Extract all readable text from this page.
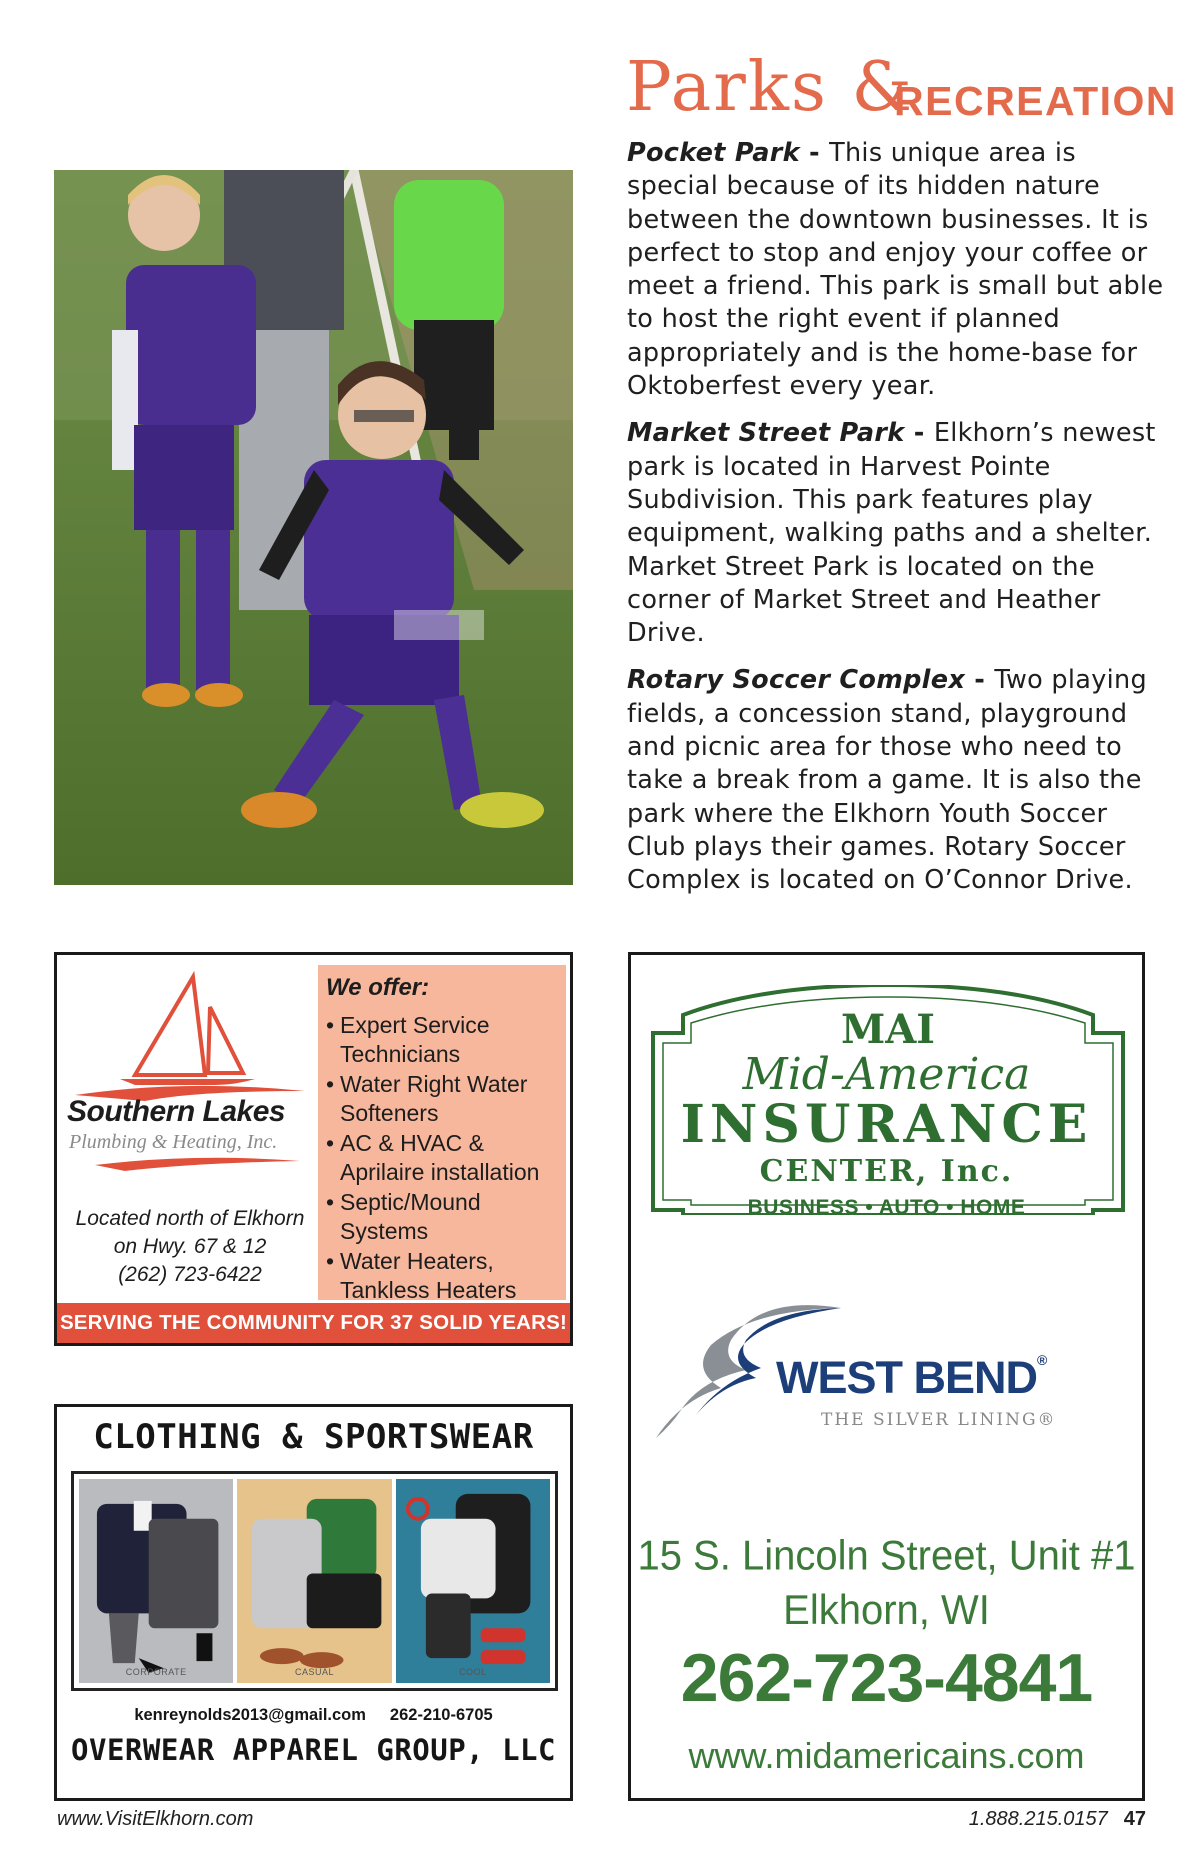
Parks &
RECREATION

Pocket Park - This unique area is special because of its hidden nature between the downtown businesses. It is perfect to stop and enjoy your coffee or meet a friend. This park is small but able to host the right event if planned appropriately and is the home-base for Oktoberfest every year.

Market Street Park - Elkhorn’s newest park is located in Harvest Pointe Subdivision. This park features play equipment, walking paths and a shelter. Market Street Park is located on the corner of Market Street and Heather Drive.

Rotary Soccer Complex - Two playing fields, a concession stand, playground and picnic area for those who need to take a break from a game. It is also the park where the Elkhorn Youth Soccer Club plays their games. Rotary Soccer Complex is located on O’Connor Drive.

Southern Lakes
Plumbing & Heating, Inc.
Located north of Elkhorn
on Hwy. 67 & 12
(262) 723-6422
We offer:
• Expert Service Technicians
• Water Right Water Softeners
• AC & HVAC & Aprilaire installation
• Septic/Mound Systems
• Water Heaters, Tankless Heaters
SERVING THE COMMUNITY FOR 37 SOLID YEARS!
CLOTHING & SPORTSWEAR
CORPORATE	CASUAL	COOL
kenreynolds2013@gmail.com 262-210-6705
OVERWEAR APPAREL GROUP, LLC
MAI
Mid-America
INSURANCE
CENTER, Inc.
BUSINESS • AUTO • HOME
WEST BEND®
THE SILVER LINING®
15 S. Lincoln Street, Unit #1
Elkhorn, WI
262-723-4841
www.midamericains.com
www.VisitElkhorn.com	1.888.215.0157 47
